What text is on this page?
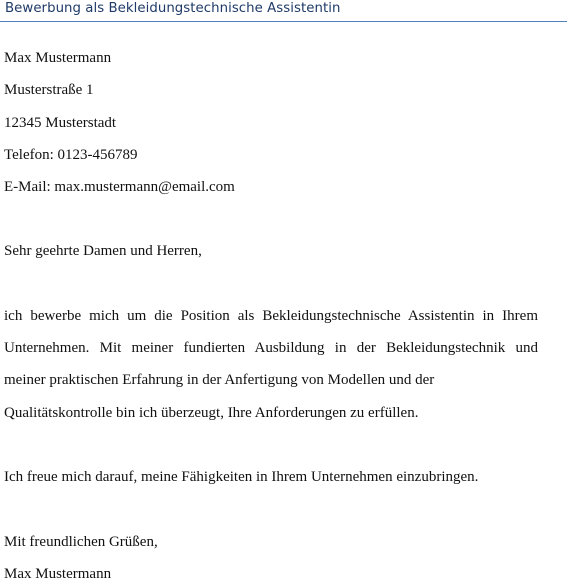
Bewerbung als Bekleidungstechnische Assistentin
Max Mustermann
Musterstraße 1
12345 Musterstadt
Telefon: 0123-456789
E-Mail: max.mustermann@email.com
Sehr geehrte Damen und Herren,
ich bewerbe mich um die Position als Bekleidungstechnische Assistentin in Ihrem
Unternehmen. Mit meiner fundierten Ausbildung in der Bekleidungstechnik und
meiner praktischen Erfahrung in der Anfertigung von Modellen und der
Qualitätskontrolle bin ich überzeugt, Ihre Anforderungen zu erfüllen.
Ich freue mich darauf, meine Fähigkeiten in Ihrem Unternehmen einzubringen.
Mit freundlichen Grüßen,
Max Mustermann
